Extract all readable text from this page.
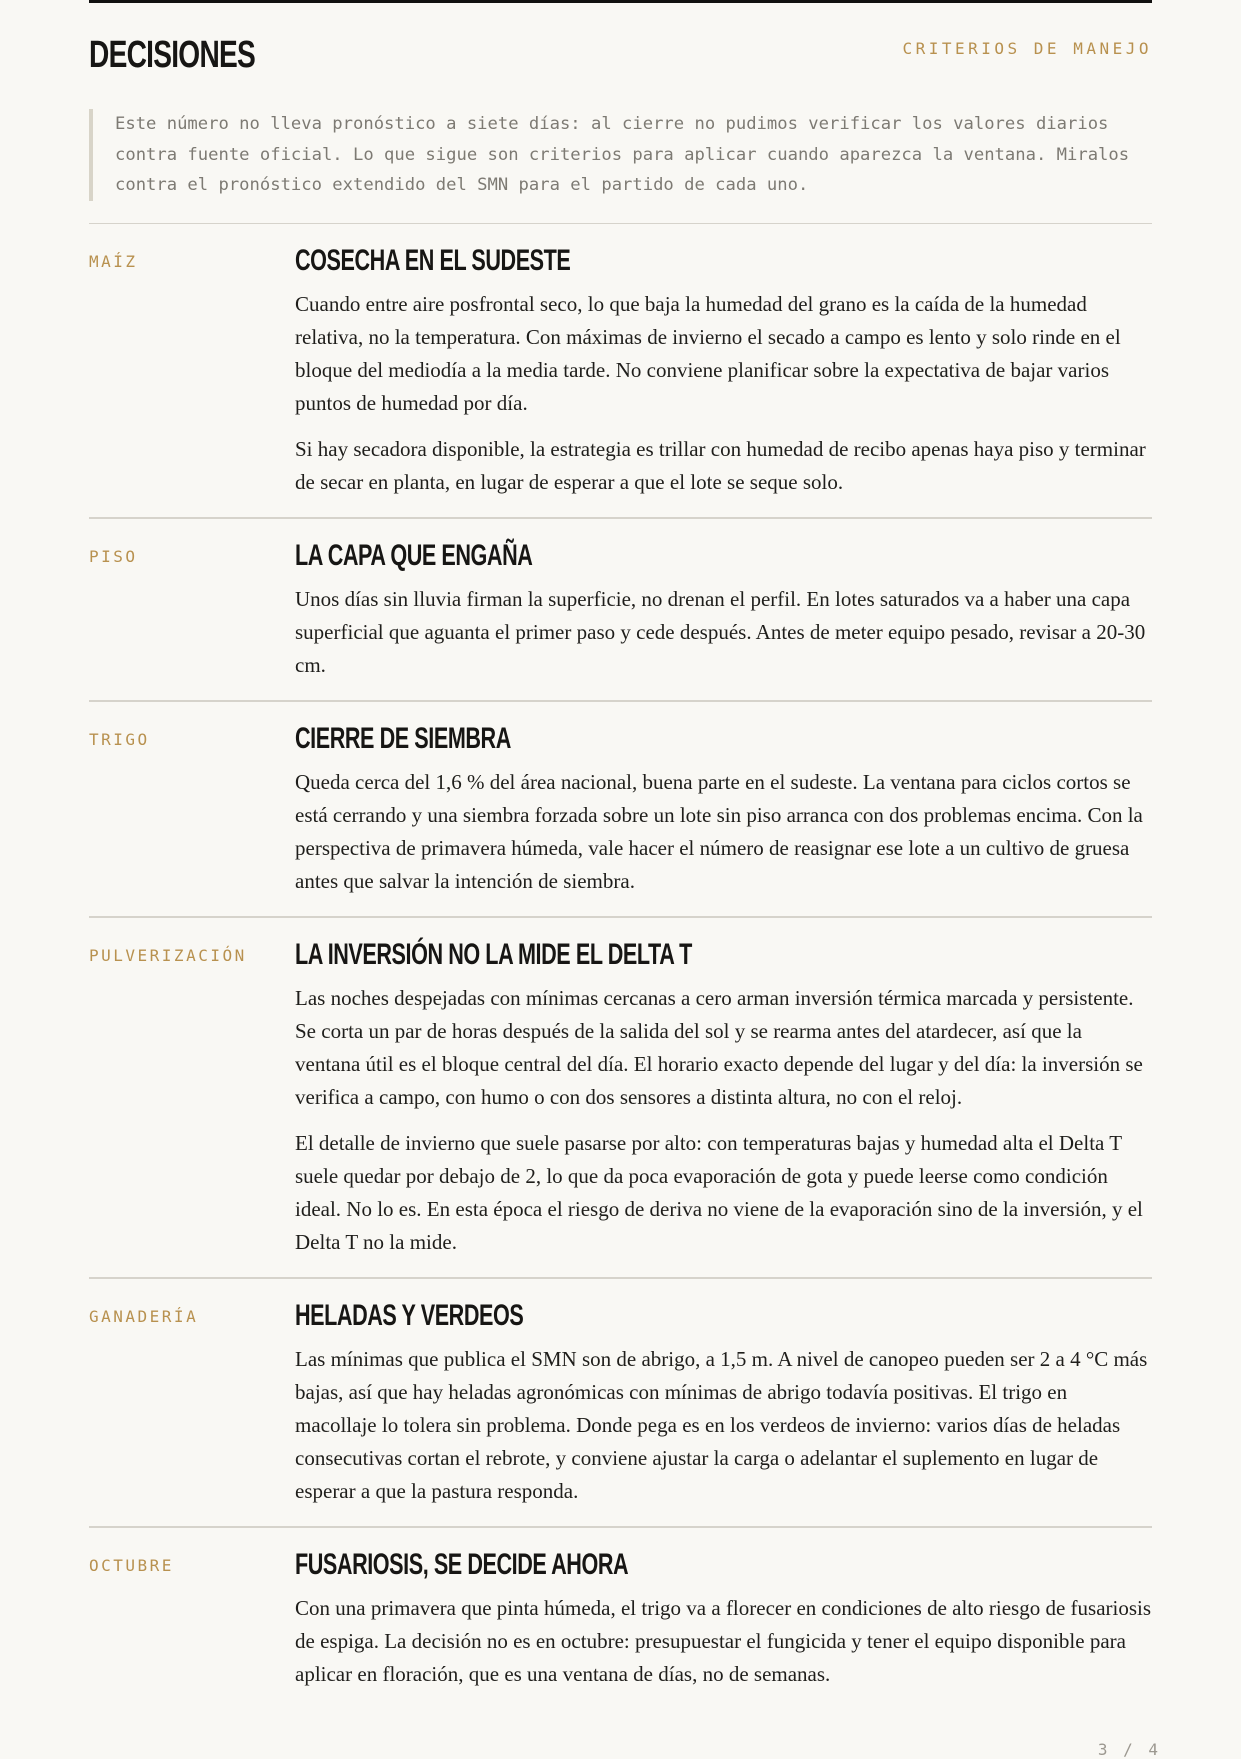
DECISIONES	CRITERIOS DE MANEJO
Este número no lleva pronóstico a siete días: al cierre no pudimos verificar los valores diarios contra fuente oficial. Lo que sigue son criterios para aplicar cuando aparezca la ventana. Miralos contra el pronóstico extendido del SMN para el partido de cada uno.
MAÍZ	COSECHA EN EL SUDESTE

Cuando entre aire posfrontal seco, lo que baja la humedad del grano es la caída de la humedad relativa, no la temperatura. Con máximas de invierno el secado a campo es lento y solo rinde en el bloque del mediodía a la media tarde. No conviene planificar sobre la expectativa de bajar varios puntos de humedad por día.

Si hay secadora disponible, la estrategia es trillar con humedad de recibo apenas haya piso y terminar de secar en planta, en lugar de esperar a que el lote se seque solo.

PISO	LA CAPA QUE ENGAÑA

Unos días sin lluvia firman la superficie, no drenan el perfil. En lotes saturados va a haber una capa superficial que aguanta el primer paso y cede después. Antes de meter equipo pesado, revisar a 20-30 cm.

TRIGO	CIERRE DE SIEMBRA

Queda cerca del 1,6 % del área nacional, buena parte en el sudeste. La ventana para ciclos cortos se está cerrando y una siembra forzada sobre un lote sin piso arranca con dos problemas encima. Con la perspectiva de primavera húmeda, vale hacer el número de reasignar ese lote a un cultivo de gruesa antes que salvar la intención de siembra.

PULVERIZACIÓN LA INVERSIÓN NO LA MIDE EL DELTA T

Las noches despejadas con mínimas cercanas a cero arman inversión térmica marcada y persistente. Se corta un par de horas después de la salida del sol y se rearma antes del atardecer, así que la ventana útil es el bloque central del día. El horario exacto depende del lugar y del día: la inversión se verifica a campo, con humo o con dos sensores a distinta altura, no con el reloj.

El detalle de invierno que suele pasarse por alto: con temperaturas bajas y humedad alta el Delta T suele quedar por debajo de 2, lo que da poca evaporación de gota y puede leerse como condición ideal. No lo es. En esta época el riesgo de deriva no viene de la evaporación sino de la inversión, y el Delta T no la mide.

GANADERÍA	HELADAS Y VERDEOS

Las mínimas que publica el SMN son de abrigo, a 1,5 m. A nivel de canopeo pueden ser 2 a 4 °C más bajas, así que hay heladas agronómicas con mínimas de abrigo todavía positivas. El trigo en macollaje lo tolera sin problema. Donde pega es en los verdeos de invierno: varios días de heladas consecutivas cortan el rebrote, y conviene ajustar la carga o adelantar el suplemento en lugar de esperar a que la pastura responda.

OCTUBRE	FUSARIOSIS, SE DECIDE AHORA

Con una primavera que pinta húmeda, el trigo va a florecer en condiciones de alto riesgo de fusariosis de espiga. La decisión no es en octubre: presupuestar el fungicida y tener el equipo disponible para aplicar en floración, que es una ventana de días, no de semanas.

3 / 4
